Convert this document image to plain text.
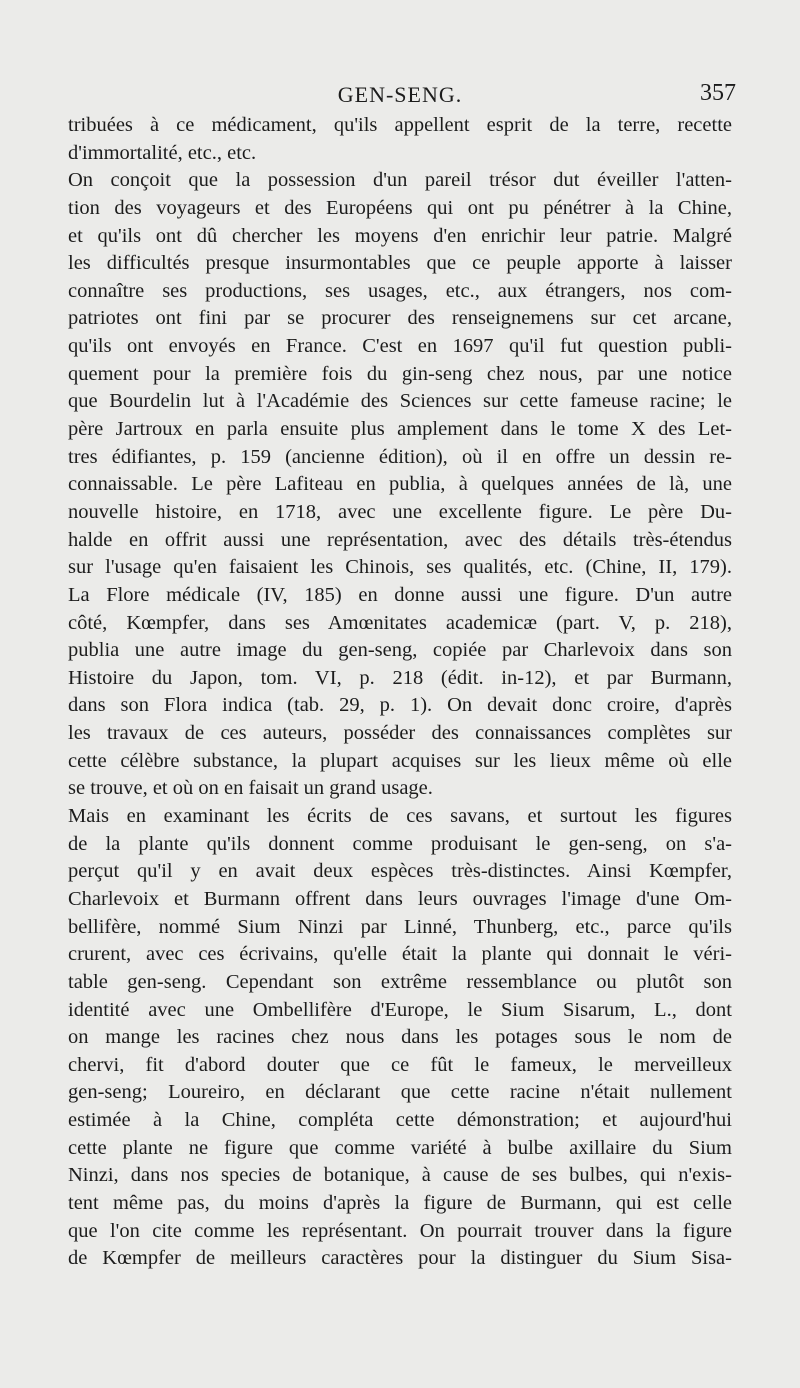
GEN-SENG.	357
tribuées à ce médicament, qu'ils appellent esprit de la terre, recette
d'immortalité, etc., etc.
On conçoit que la possession d'un pareil trésor dut éveiller l'atten-
tion des voyageurs et des Européens qui ont pu pénétrer à la Chine,
et qu'ils ont dû chercher les moyens d'en enrichir leur patrie. Malgré
les difficultés presque insurmontables que ce peuple apporte à laisser
connaître ses productions, ses usages, etc., aux étrangers, nos com-
patriotes ont fini par se procurer des renseignemens sur cet arcane,
qu'ils ont envoyés en France. C'est en 1697 qu'il fut question publi-
quement pour la première fois du gin-seng chez nous, par une notice
que Bourdelin lut à l'Académie des Sciences sur cette fameuse racine; le
père Jartroux en parla ensuite plus amplement dans le tome X des Let-
tres édifiantes, p. 159 (ancienne édition), où il en offre un dessin re-
connaissable. Le père Lafiteau en publia, à quelques années de là, une
nouvelle histoire, en 1718, avec une excellente figure. Le père Du-
halde en offrit aussi une représentation, avec des détails très-étendus
sur l'usage qu'en faisaient les Chinois, ses qualités, etc. (Chine, II, 179).
La Flore médicale (IV, 185) en donne aussi une figure. D'un autre
côté, Kœmpfer, dans ses Amœnitates academicæ (part. V, p. 218),
publia une autre image du gen-seng, copiée par Charlevoix dans son
Histoire du Japon, tom. VI, p. 218 (édit. in-12), et par Burmann,
dans son Flora indica (tab. 29, p. 1). On devait donc croire, d'après
les travaux de ces auteurs, posséder des connaissances complètes sur
cette célèbre substance, la plupart acquises sur les lieux même où elle
se trouve, et où on en faisait un grand usage.
Mais en examinant les écrits de ces savans, et surtout les figures
de la plante qu'ils donnent comme produisant le gen-seng, on s'a-
perçut qu'il y en avait deux espèces très-distinctes. Ainsi Kœmpfer,
Charlevoix et Burmann offrent dans leurs ouvrages l'image d'une Om-
bellifère, nommé Sium Ninzi par Linné, Thunberg, etc., parce qu'ils
crurent, avec ces écrivains, qu'elle était la plante qui donnait le véri-
table gen-seng. Cependant son extrême ressemblance ou plutôt son
identité avec une Ombellifère d'Europe, le Sium Sisarum, L., dont
on mange les racines chez nous dans les potages sous le nom de
chervi, fit d'abord douter que ce fût le fameux, le merveilleux
gen-seng; Loureiro, en déclarant que cette racine n'était nullement
estimée à la Chine, compléta cette démonstration; et aujourd'hui
cette plante ne figure que comme variété à bulbe axillaire du Sium
Ninzi, dans nos species de botanique, à cause de ses bulbes, qui n'exis-
tent même pas, du moins d'après la figure de Burmann, qui est celle
que l'on cite comme les représentant. On pourrait trouver dans la figure
de Kœmpfer de meilleurs caractères pour la distinguer du Sium Sisa-
